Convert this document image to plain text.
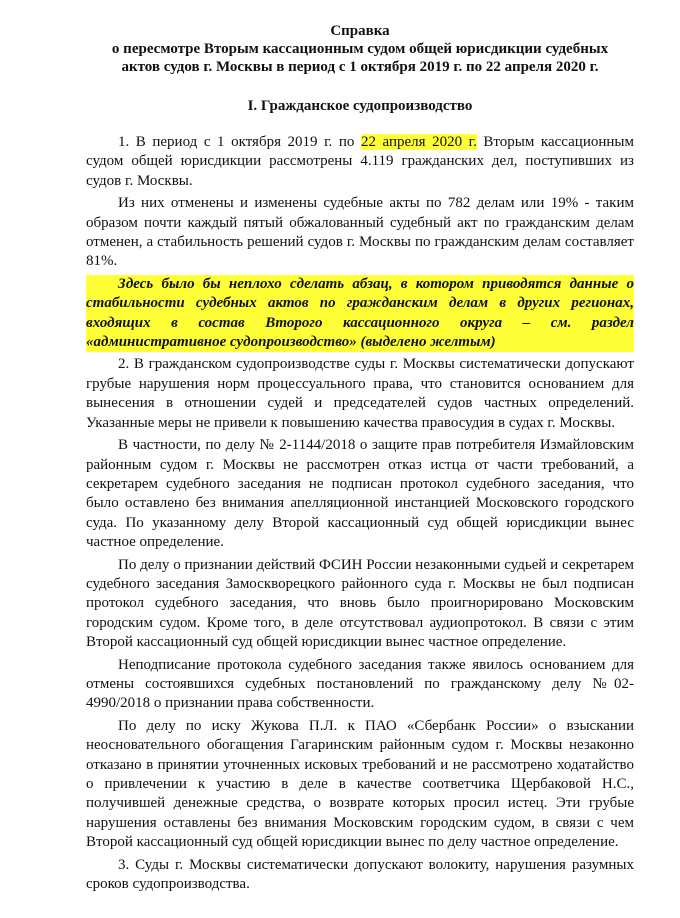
Справка
о пересмотре Вторым кассационным судом общей юрисдикции судебных
актов судов г. Москвы в период с 1 октября 2019 г. по 22 апреля 2020 г.
I. Гражданское судопроизводство

1. В период с 1 октября 2019 г. по 22 апреля 2020 г. Вторым кассационным судом общей юрисдикции рассмотрены 4.119 гражданских дел, поступивших из судов г. Москвы.

Из них отменены и изменены судебные акты по 782 делам или 19% - таким образом почти каждый пятый обжалованный судебный акт по гражданским делам отменен, а стабильность решений судов г. Москвы по гражданским делам составляет 81%.

Здесь было бы неплохо сделать абзац, в котором приводятся данные о стабильности судебных актов по гражданским делам в других регионах, входящих в состав Второго кассационного округа – см. раздел «административное судопроизводство» (выделено желтым)

2. В гражданском судопроизводстве суды г. Москвы систематически допускают грубые нарушения норм процессуального права, что становится основанием для вынесения в отношении судей и председателей судов частных определений. Указанные меры не привели к повышению качества правосудия в судах г. Москвы.

В частности, по делу № 2-1144/2018 о защите прав потребителя Измайловским районным судом г. Москвы не рассмотрен отказ истца от части требований, а секретарем судебного заседания не подписан протокол судебного заседания, что было оставлено без внимания апелляционной инстанцией Московского городского суда. По указанному делу Второй кассационный суд общей юрисдикции вынес частное определение.

По делу о признании действий ФСИН России незаконными судьей и секретарем судебного заседания Замоскворецкого районного суда г. Москвы не был подписан протокол судебного заседания, что вновь было проигнорировано Московским городским судом. Кроме того, в деле отсутствовал аудиопротокол. В связи с этим Второй кассационный суд общей юрисдикции вынес частное определение.

Неподписание протокола судебного заседания также явилось основанием для отмены состоявшихся судебных постановлений по гражданскому делу №02-4990/2018 о признании права собственности.

По делу по иску Жукова П.Л. к ПАО «Сбербанк России» о взыскании неосновательного обогащения Гагаринским районным судом г. Москвы незаконно отказано в принятии уточненных исковых требований и не рассмотрено ходатайство о привлечении к участию в деле в качестве соответчика Щербаковой Н.С., получившей денежные средства, о возврате которых просил истец. Эти грубые нарушения оставлены без внимания Московским городским судом, в связи с чем Второй кассационный суд общей юрисдикции вынес по делу частное определение.

3. Суды г. Москвы систематически допускают волокиту, нарушения разумных сроков судопроизводства.
